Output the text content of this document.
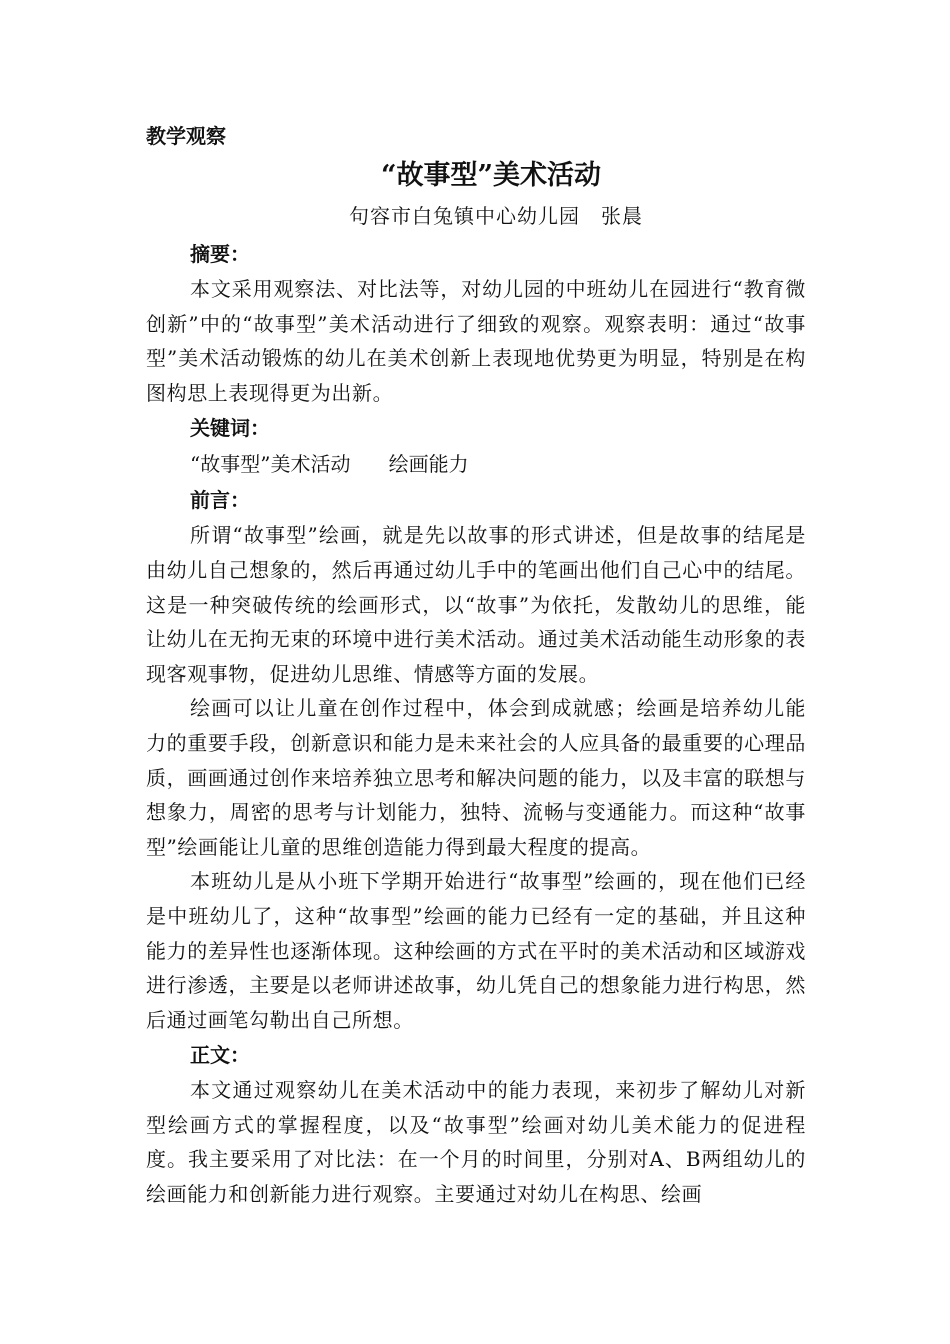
教学观察

“故事型”美术活动

句容市白兔镇中心幼儿园　张晨

摘要：

本文采用观察法、对比法等，对幼儿园的中班幼儿在园进行“教育微创新”中的“故事型”美术活动进行了细致的观察。观察表明：通过“故事型”美术活动锻炼的幼儿在美术创新上表现地优势更为明显，特别是在构图构思上表现得更为出新。

关键词：

“故事型”美术活动      绘画能力

前言：

所谓“故事型”绘画，就是先以故事的形式讲述，但是故事的结尾是由幼儿自己想象的，然后再通过幼儿手中的笔画出他们自己心中的结尾。这是一种突破传统的绘画形式，以“故事”为依托，发散幼儿的思维，能让幼儿在无拘无束的环境中进行美术活动。通过美术活动能生动形象的表现客观事物，促进幼儿思维、情感等方面的发展。

绘画可以让儿童在创作过程中，体会到成就感；绘画是培养幼儿能力的重要手段，创新意识和能力是未来社会的人应具备的最重要的心理品质，画画通过创作来培养独立思考和解决问题的能力，以及丰富的联想与想象力，周密的思考与计划能力，独特、流畅与变通能力。而这种“故事型”绘画能让儿童的思维创造能力得到最大程度的提高。

本班幼儿是从小班下学期开始进行“故事型”绘画的，现在他们已经是中班幼儿了，这种“故事型”绘画的能力已经有一定的基础，并且这种能力的差异性也逐渐体现。这种绘画的方式在平时的美术活动和区域游戏进行渗透，主要是以老师讲述故事，幼儿凭自己的想象能力进行构思，然后通过画笔勾勒出自己所想。

正文：

本文通过观察幼儿在美术活动中的能力表现，来初步了解幼儿对新型绘画方式的掌握程度，以及“故事型”绘画对幼儿美术能力的促进程度。我主要采用了对比法：在一个月的时间里，分别对A、B两组幼儿的绘画能力和创新能力进行观察。主要通过对幼儿在构思、绘画
